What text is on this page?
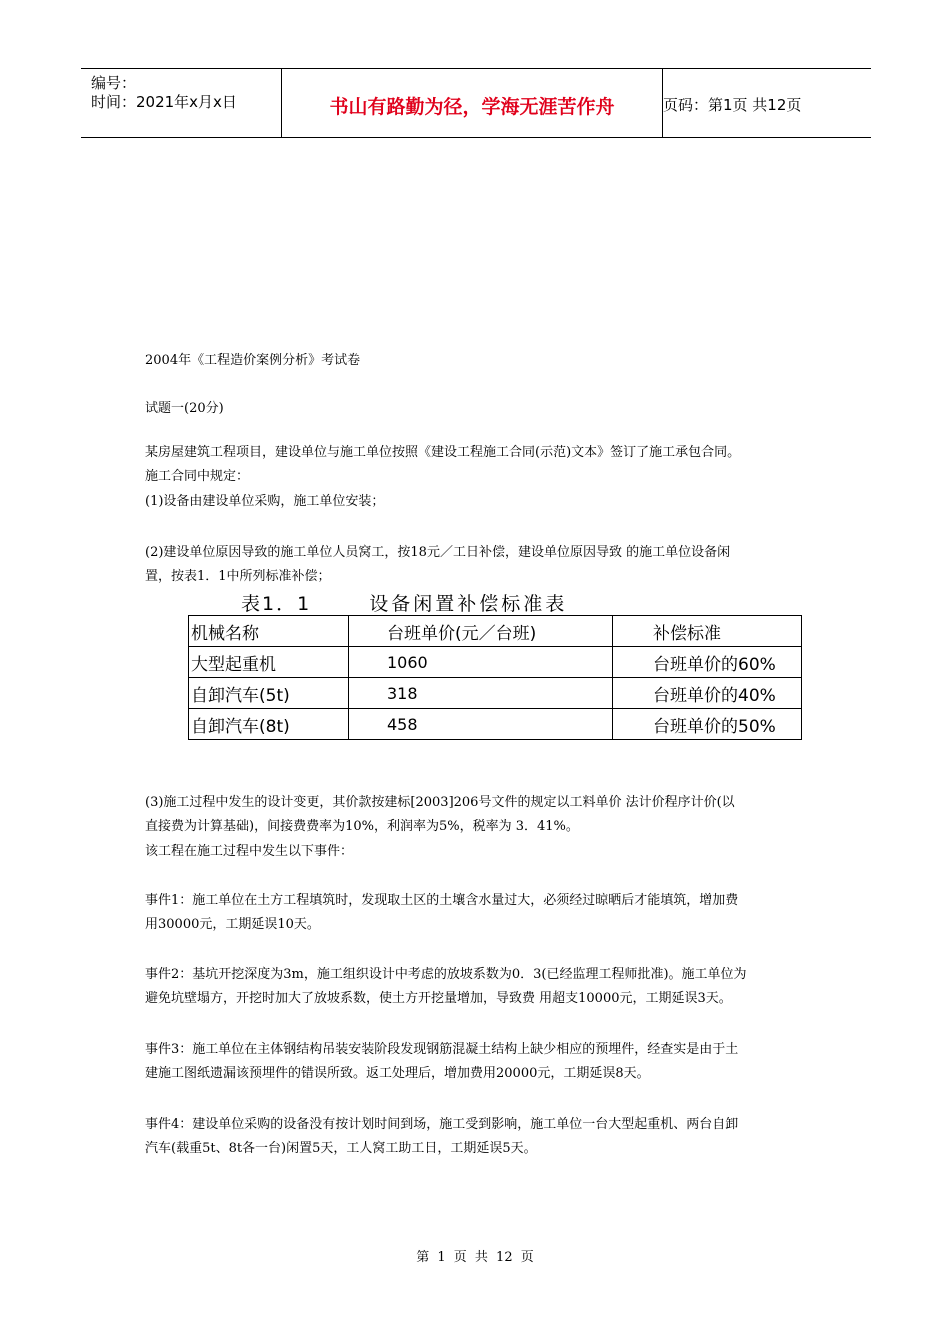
编号：
时间：2021年x月x日	书山有路勤为径，学海无涯苦作舟	页码：第1页 共12页
2004年《工程造价案例分析》考试卷
试题一(20分)
某房屋建筑工程项目，建设单位与施工单位按照《建设工程施工合同(示范)文本》签订了施工承包合同。
施工合同中规定：
(1)设备由建设单位采购，施工单位安装；
(2)建设单位原因导致的施工单位人员窝工，按18元／工日补偿，建设单位原因导致 的施工单位设备闲
置，按表1．1中所列标准补偿；
表1．1	设备闲置补偿标准表
机械名称	台班单价(元／台班)	补偿标准
大型起重机	1060	台班单价的60%
自卸汽车(5t)	318	台班单价的40%
自卸汽车(8t)	458	台班单价的50%
(3)施工过程中发生的设计变更，其价款按建标[2003]206号文件的规定以工料单价 法计价程序计价(以
直接费为计算基础)，间接费费率为10%，利润率为5%，税率为 3．41%。
该工程在施工过程中发生以下事件：
事件1：施工单位在土方工程填筑时，发现取土区的土壤含水量过大，必须经过晾晒后才能填筑，增加费
用30000元，工期延误10天。
事件2：基坑开挖深度为3m，施工组织设计中考虑的放坡系数为0．3(已经监理工程师批准)。施工单位为
避免坑壁塌方，开挖时加大了放坡系数，使土方开挖量增加，导致费 用超支10000元，工期延误3天。
事件3：施工单位在主体钢结构吊装安装阶段发现钢筋混凝土结构上缺少相应的预埋件，经查实是由于土
建施工图纸遗漏该预埋件的错误所致。返工处理后，增加费用20000元，工期延误8天。
事件4：建设单位采购的设备没有按计划时间到场，施工受到影响，施工单位一台大型起重机、两台自卸
汽车(载重5t、8t各一台)闲置5天，工人窝工助工日，工期延误5天。
第 1 页 共 12 页
